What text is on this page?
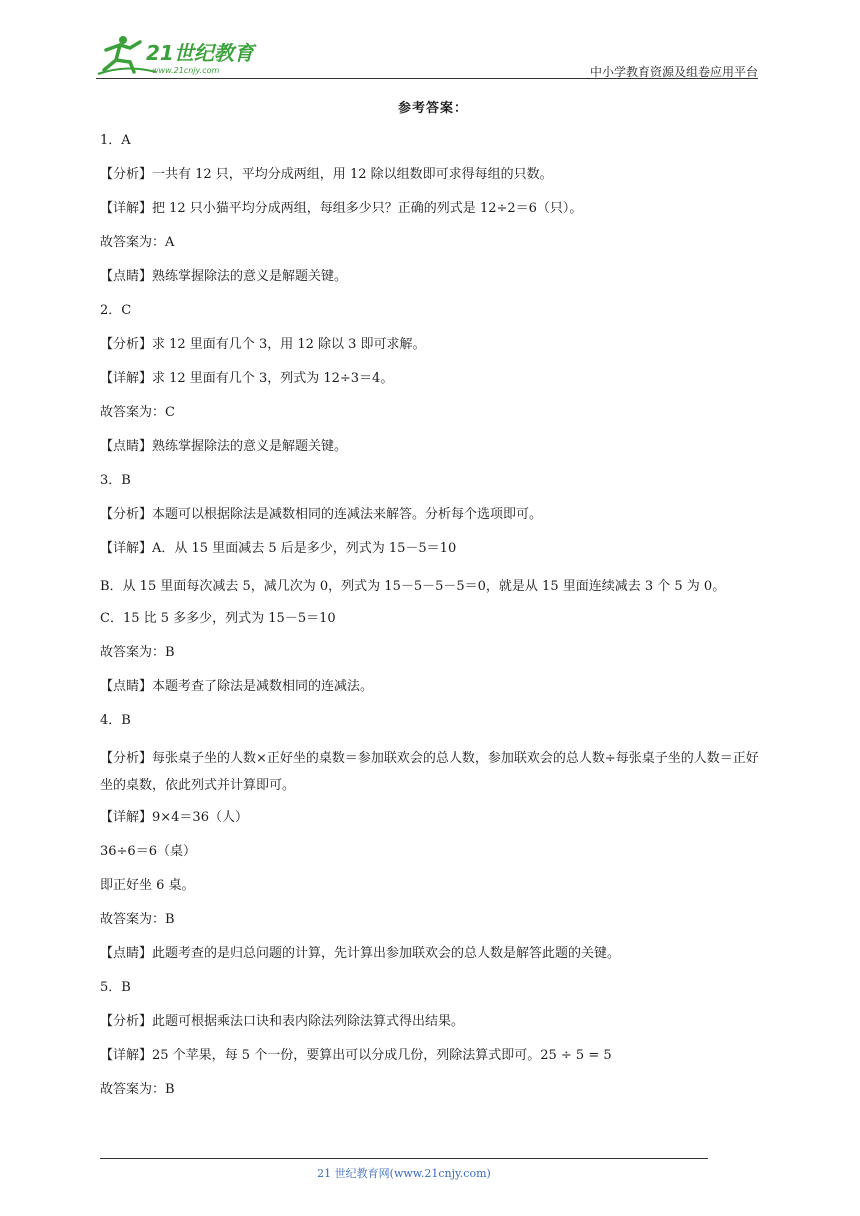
21世纪教育
www.21cnjy.com	中小学教育资源及组卷应用平台
参考答案：
1．A
【分析】一共有 12 只，平均分成两组，用 12 除以组数即可求得每组的只数。
【详解】把 12 只小猫平均分成两组，每组多少只？正确的列式是 12÷2＝6（只）。
故答案为：A
【点睛】熟练掌握除法的意义是解题关键。
2．C
【分析】求 12 里面有几个 3，用 12 除以 3 即可求解。
【详解】求 12 里面有几个 3，列式为 12÷3＝4。
故答案为：C
【点睛】熟练掌握除法的意义是解题关键。
3．B
【分析】本题可以根据除法是减数相同的连减法来解答。分析每个选项即可。
【详解】A．从 15 里面减去 5 后是多少，列式为 15－5＝10
B．从 15 里面每次减去 5，减几次为 0，列式为 15－5－5－5＝0，就是从 15 里面连续减去 3 个 5 为 0。
C．15 比 5 多多少，列式为 15－5＝10
故答案为：B
【点睛】本题考查了除法是减数相同的连减法。
4．B
【分析】每张桌子坐的人数×正好坐的桌数＝参加联欢会的总人数，参加联欢会的总人数÷每张桌子坐的人数＝正好坐的桌数，依此列式并计算即可。
【详解】9×4＝36（人）
36÷6＝6（桌）
即正好坐 6 桌。
故答案为：B
【点睛】此题考查的是归总问题的计算，先计算出参加联欢会的总人数是解答此题的关键。
5．B
【分析】此题可根据乘法口诀和表内除法列除法算式得出结果。
【详解】25 个苹果，每 5 个一份，要算出可以分成几份，列除法算式即可。25 ÷ 5 = 5
故答案为：B
21 世纪教育网(www.21cnjy.com)
